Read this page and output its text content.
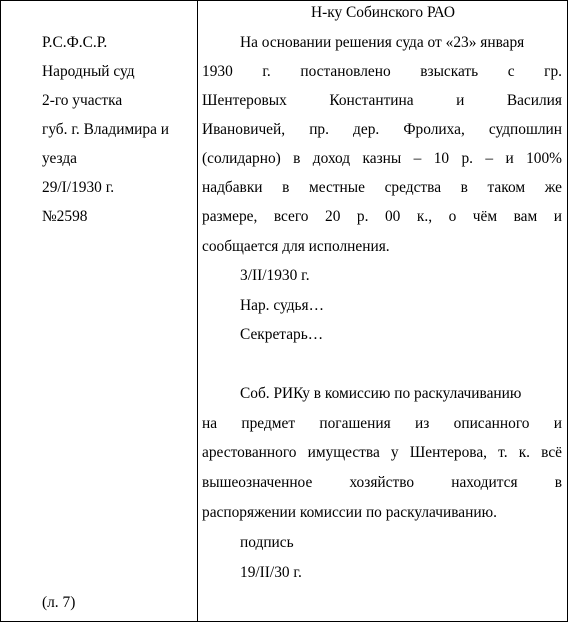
Р.С.Ф.С.Р.
Народный суд
2-го участка
губ. г. Владимира и
уезда
29/I/1930 г.
№2598
(л. 7)
Н-ку Собинского РАО
На основании решения суда от «23» января
1930 г. постановлено взыскать с гр.
Шентеровых Константина и Василия
Ивановичей, пр. дер. Фролиха, судпошлин
(солидарно) в доход казны – 10 р. – и 100%
надбавки в местные средства в таком же
размере, всего 20 р. 00 к., о чём вам и
сообщается для исполнения.
3/II/1930 г.
Нар. судья…
Секретарь…
Соб. РИКу в комиссию по раскулачиванию
на предмет погашения из описанного и
арестованного имущества у Шентерова, т. к. всё
вышеозначенное хозяйство находится в
распоряжении комиссии по раскулачиванию.
подпись
19/II/30 г.
